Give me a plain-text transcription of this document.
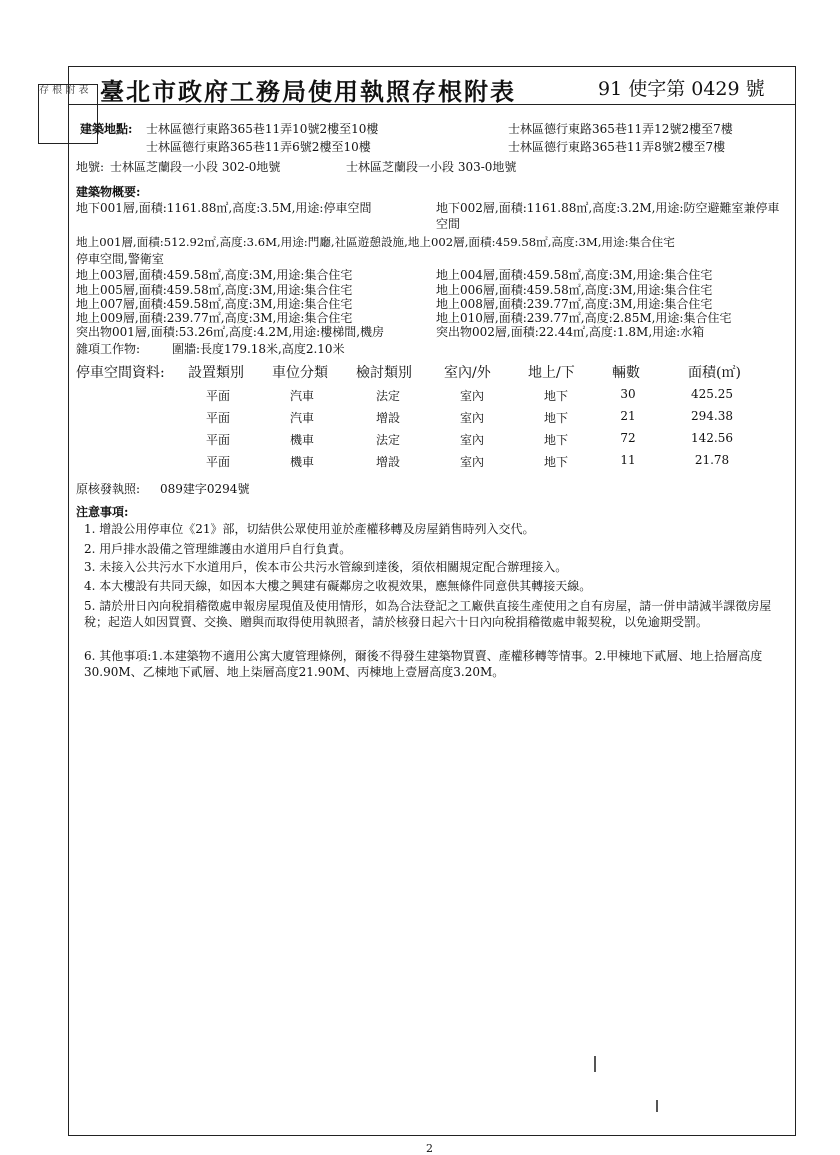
存 根 附 表 臺北市政府工務局使用執照存根附表	91 使字第 0429 號
建築地點: 士林區德行東路365巷11弄10號2樓至10樓	士林區德行東路365巷11弄12號2樓至7樓
士林區德行東路365巷11弄6號2樓至10樓	士林區德行東路365巷11弄8號2樓至7樓
地號: 士林區芝蘭段一小段 302-0地號	士林區芝蘭段一小段 303-0地號
建築物概要:
地下001層,面積:1161.88㎡,高度:3.5M,用途:停車空間	地下002層,面積:1161.88㎡,高度:3.2M,用途:防空避難室兼停車
空間
地上001層,面積:512.92㎡,高度:3.6M,用途:門廳,社區遊憩設施,地上002層,面積:459.58㎡,高度:3M,用途:集合住宅
停車空間,警衛室
地上003層,面積:459.58㎡,高度:3M,用途:集合住宅	地上004層,面積:459.58㎡,高度:3M,用途:集合住宅
地上005層,面積:459.58㎡,高度:3M,用途:集合住宅	地上006層,面積:459.58㎡,高度:3M,用途:集合住宅
地上007層,面積:459.58㎡,高度:3M,用途:集合住宅	地上008層,面積:239.77㎡,高度:3M,用途:集合住宅
地上009層,面積:239.77㎡,高度:3M,用途:集合住宅	地上010層,面積:239.77㎡,高度:2.85M,用途:集合住宅
突出物001層,面積:53.26㎡,高度:4.2M,用途:樓梯間,機房	突出物002層,面積:22.44㎡,高度:1.8M,用途:水箱
雜項工作物:	圍牆:長度179.18米,高度2.10米
停車空間資料: 設置類別 車位分類 檢討類別 室內/外	地上/下	輛數	面積(㎡)
平面	汽車	法定	室內	地下	30	425.25
平面	汽車	增設	室內	地下	21	294.38
平面	機車	法定	室內	地下	72	142.56
平面	機車	增設	室內	地下	11	21.78
原核發執照: 089建字0294號
注意事項:
1. 增設公用停車位《21》部，切結供公眾使用並於產權移轉及房屋銷售時列入交代。
2. 用戶排水設備之管理維護由水道用戶自行負責。
3. 未接入公共污水下水道用戶，俟本市公共污水管線到達後，須依相關規定配合辦理接入。
4. 本大樓設有共同天線，如因本大樓之興建有礙鄰房之收視效果，應無條件同意供其轉接天線。
5. 請於卅日內向稅捐稽徵處申報房屋現值及使用情形，如為合法登記之工廠供直接生產使用之自有房屋，請一併申請減半課徵房屋稅；起造人如因買賣、交換、贈與而取得使用執照者，請於核發日起六十日內向稅捐稽徵處申報契稅，以免逾期受罰。
6. 其他事項:1.本建築物不適用公寓大廈管理條例，爾後不得發生建築物買賣、產權移轉等情事。2.甲棟地下貳層、地上拾層高度30.90M、乙棟地下貳層、地上柒層高度21.90M、丙棟地上壹層高度3.20M。
2
